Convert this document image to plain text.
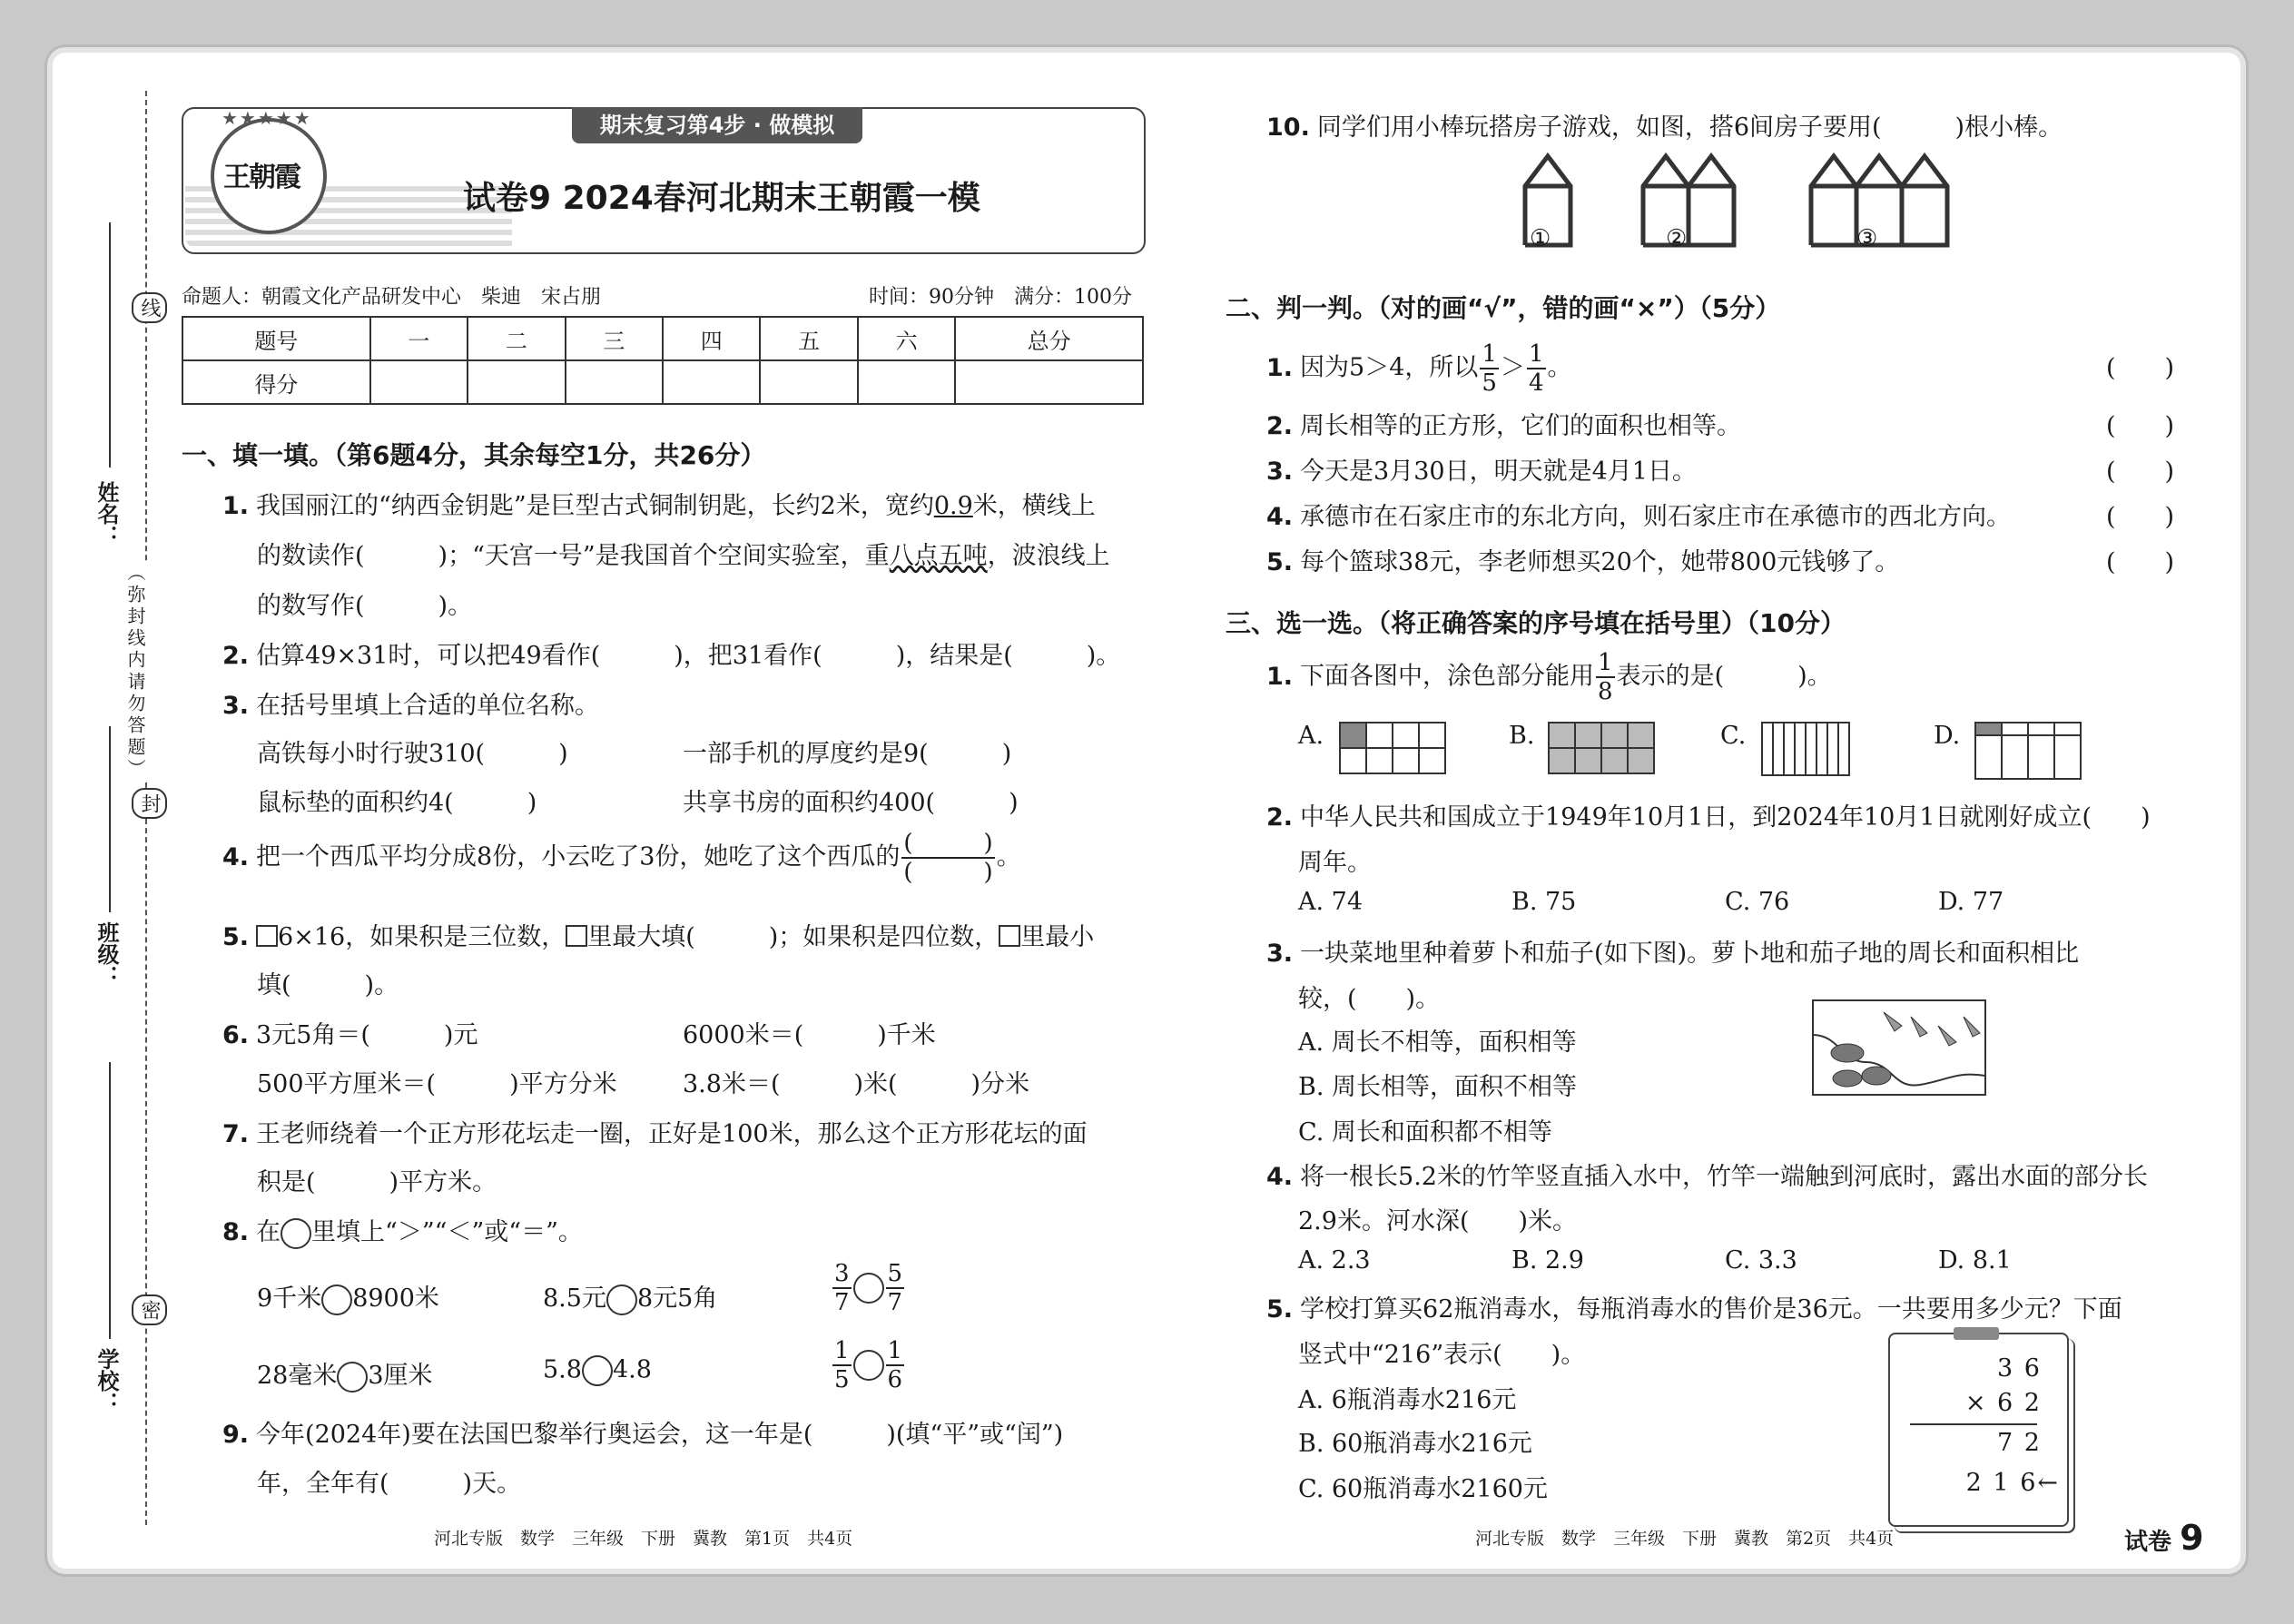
线
封
密
（弥封线内请勿答题）
姓名：
班级：
学校：
期末复习第4步 · 做模拟
★★★★★
王朝霞
试卷9 2024春河北期末王朝霞一模
命题人：朝霞文化产品研发中心　柴迪　宋占朋	时间：90分钟　满分：100分
题号	一	二	三	四	五	六	总分
得分							
一、填一填。（第6题4分，其余每空1分，共26分）
1. 我国丽江的“纳西金钥匙”是巨型古式铜制钥匙，长约2米，宽约0.9米，横线上
的数读作(　　　)；“天宫一号”是我国首个空间实验室，重八点五吨，波浪线上
的数写作(　　　)。
2. 估算49×31时，可以把49看作(　　　)，把31看作(　　　)，结果是(　　　)。
3. 在括号里填上合适的单位名称。
高铁每小时行驶310(　　　)	一部手机的厚度约是9(　　　)
鼠标垫的面积约4(　　　)	共享书房的面积约400(　　　)
4. 把一个西瓜平均分成8份，小云吃了3份，她吃了这个西瓜的 $\frac{( )}{( )}$ 。
5. 6×16，如果积是三位数， 里最大填(　　　)；如果积是四位数， 里最小
填(　　　)。
6. 3元5角＝(　　　)元	6000米＝(　　　)千米
500平方厘米＝(　　　)平方分米	3.8米＝(　　　)米(　　　)分米
7. 王老师绕着一个正方形花坛走一圈，正好是100米，那么这个正方形花坛的面
积是(　　　)平方米。
8. 在 里填上“＞”“＜”或“＝”。
9千米 8900米	8.5元 8元5角	$\frac{3}{7} \frac{5}{7}$
28毫米 3厘米	5.8 4.8	$\frac{1}{5} \frac{1}{6}$
9. 今年(2024年)要在法国巴黎举行奥运会，这一年是(　　　)(填“平”或“闰”)
年，全年有(　　　)天。
河北专版　数学　三年级　下册　冀教　第1页　共4页
10. 同学们用小棒玩搭房子游戏，如图，搭6间房子要用(　　　)根小棒。
①	②	③
二、判一判。（对的画“√”，错的画“×”）（5分）
1. 因为5＞4，所以 $\frac{1}{5} > \frac{1}{4}$ 。	(　　)
2. 周长相等的正方形，它们的面积也相等。	(　　)
3. 今天是3月30日，明天就是4月1日。	(　　)
4. 承德市在石家庄市的东北方向，则石家庄市在承德市的西北方向。	(　　)
5. 每个篮球38元，李老师想买20个，她带800元钱够了。	(　　)
三、选一选。（将正确答案的序号填在括号里）（10分）
1. 下面各图中，涂色部分能用 $\frac{1}{8}$ 表示的是(　　　)。
A.	B.	C.	D.
2. 中华人民共和国成立于1949年10月1日，到2024年10月1日就刚好成立(　　)
周年。
A. 74	B. 75	C. 76	D. 77
3. 一块菜地里种着萝卜和茄子(如下图)。萝卜地和茄子地的周长和面积相比
较，(　　)。
A. 周长不相等，面积相等
B. 周长相等，面积不相等
C. 周长和面积都不相等
4. 将一根长5.2米的竹竿竖直插入水中，竹竿一端触到河底时，露出水面的部分长
2.9米。河水深(　　)米。
A. 2.3	B. 2.9	C. 3.3	D. 8.1
5. 学校打算买62瓶消毒水，每瓶消毒水的售价是36元。一共要用多少元？下面
竖式中“216”表示(　　)。
A. 6瓶消毒水216元
B. 60瓶消毒水216元
C. 60瓶消毒水2160元
3 6
× 6 2
7 2
2 1 6←
河北专版　数学　三年级　下册　冀教　第2页　共4页	试卷 9
